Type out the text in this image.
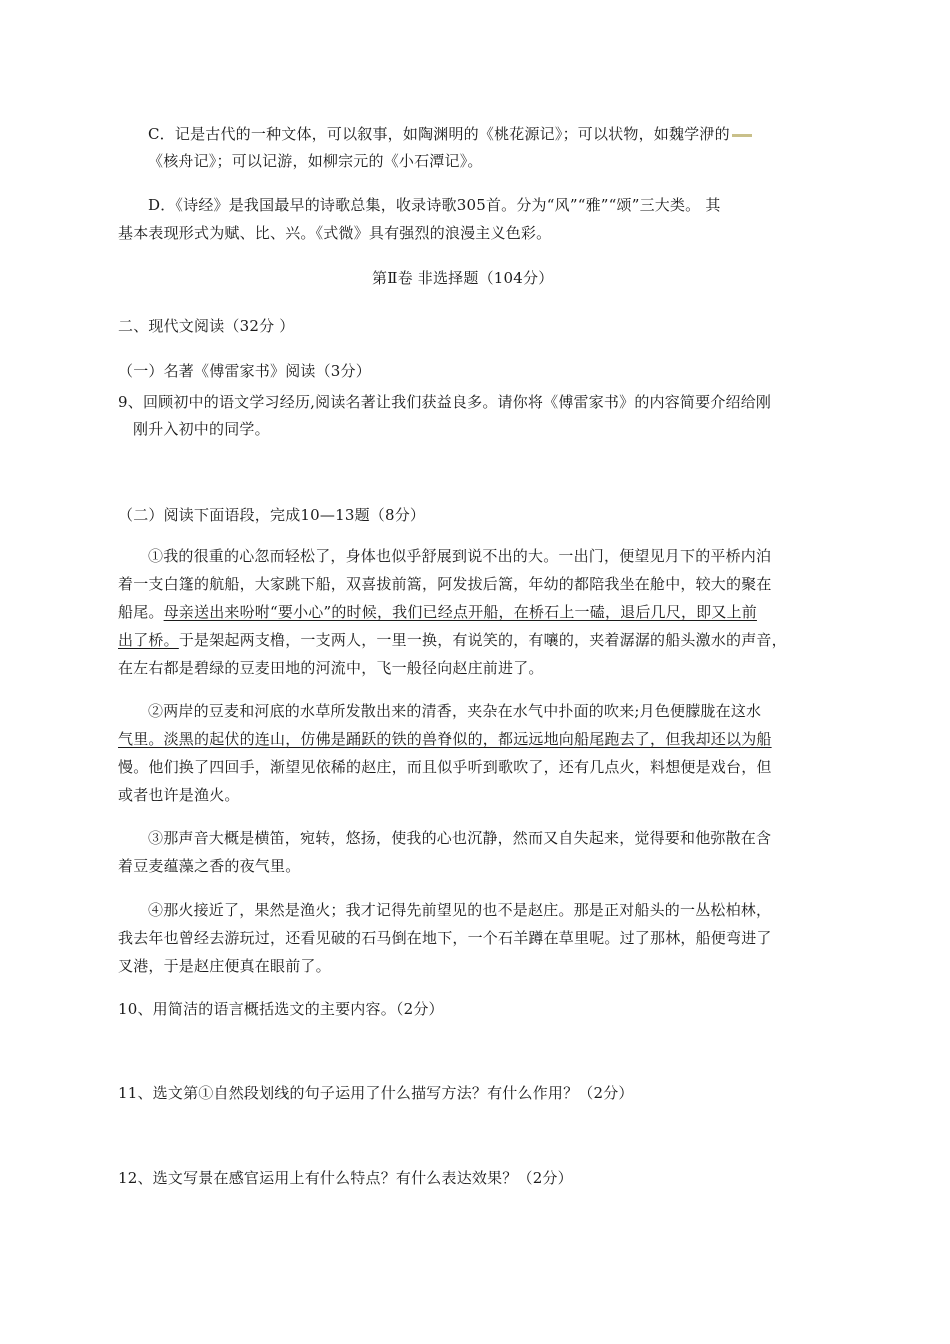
C．记是古代的一种文体，可以叙事，如陶渊明的《桃花源记》；可以状物，如魏学洢的
《核舟记》；可以记游，如柳宗元的《小石潭记》。
D．《诗经》是我国最早的诗歌总集，收录诗歌305首。分为“风”“雅”“颂”三大类。 其
基本表现形式为赋、比、兴。《式微》具有强烈的浪漫主义色彩。
第Ⅱ卷 非选择题（104分）
二、现代文阅读（32分 ）
（一）名著《傅雷家书》阅读（3分）
9、回顾初中的语文学习经历,阅读名著让我们获益良多。请你将《傅雷家书》的内容简要介绍给刚
刚升入初中的同学。
（二）阅读下面语段，完成10—13题（8分）
①我的很重的心忽而轻松了，身体也似乎舒展到说不出的大。一出门，便望见月下的平桥内泊
着一支白篷的航船，大家跳下船，双喜拔前篙，阿发拔后篙，年幼的都陪我坐在舱中，较大的聚在
船尾。母亲送出来吩咐“要小心”的时候，我们已经点开船，在桥石上一磕，退后几尺，即又上前
出了桥。于是架起两支橹，一支两人，一里一换，有说笑的，有嚷的，夹着潺潺的船头激水的声音，
在左右都是碧绿的豆麦田地的河流中，飞一般径向赵庄前进了。
②两岸的豆麦和河底的水草所发散出来的清香，夹杂在水气中扑面的吹来;月色便朦胧在这水
气里。淡黑的起伏的连山，仿佛是踊跃的铁的兽脊似的，都远远地向船尾跑去了，但我却还以为船
慢。他们换了四回手，渐望见依稀的赵庄，而且似乎听到歌吹了，还有几点火，料想便是戏台，但
或者也许是渔火。
③那声音大概是横笛，宛转，悠扬，使我的心也沉静，然而又自失起来，觉得要和他弥散在含
着豆麦蕴藻之香的夜气里。
④那火接近了，果然是渔火；我才记得先前望见的也不是赵庄。那是正对船头的一丛松柏林，
我去年也曾经去游玩过，还看见破的石马倒在地下，一个石羊蹲在草里呢。过了那林，船便弯进了
叉港，于是赵庄便真在眼前了。
10、用简洁的语言概括选文的主要内容。（2分）
11、选文第①自然段划线的句子运用了什么描写方法？有什么作用？（2分）
12、选文写景在感官运用上有什么特点？有什么表达效果？（2分）
